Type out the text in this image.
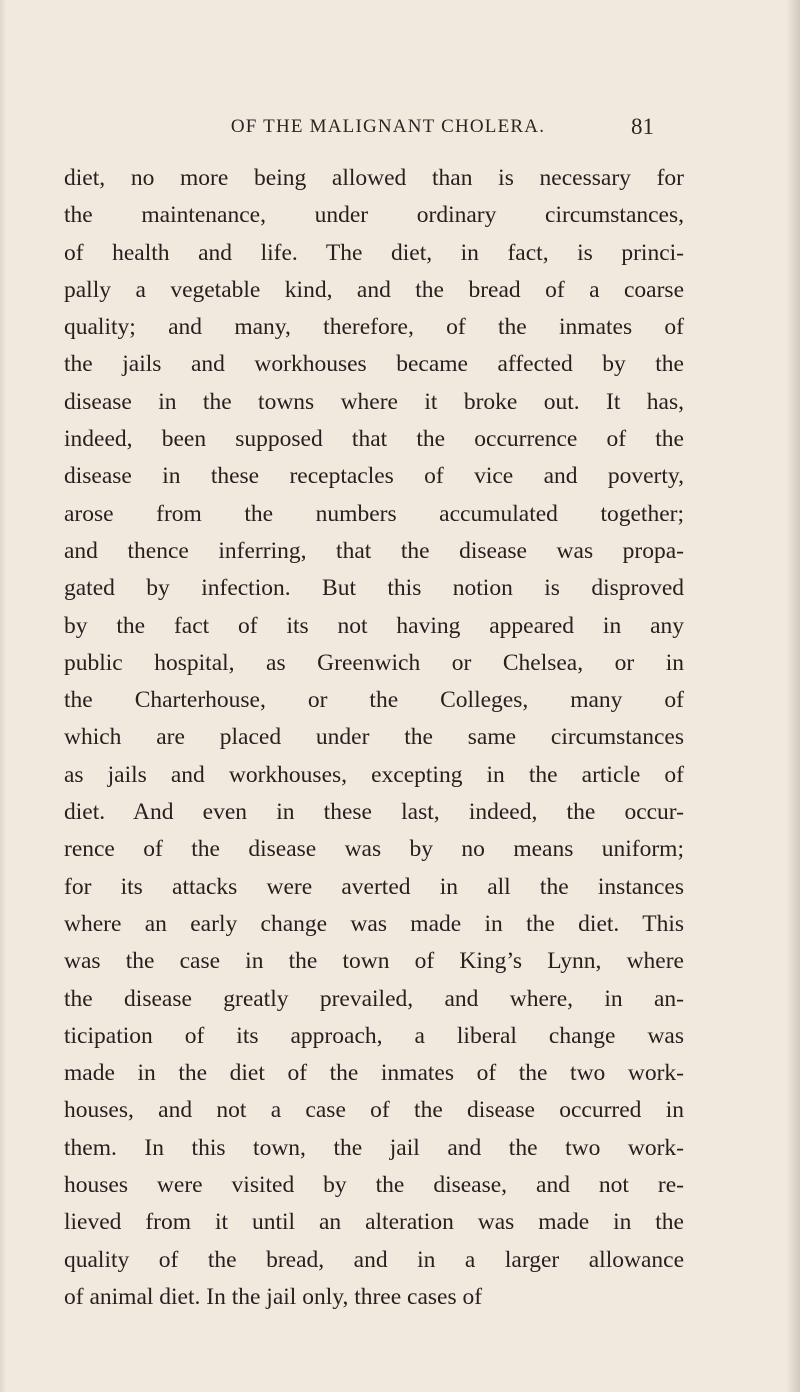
OF THE MALIGNANT CHOLERA.	81

diet, no more being allowed than is necessary for
the maintenance, under ordinary circumstances,
of health and life. The diet, in fact, is princi-
pally a vegetable kind, and the bread of a coarse
quality; and many, therefore, of the inmates of
the jails and workhouses became affected by the
disease in the towns where it broke out. It has,
indeed, been supposed that the occurrence of the
disease in these receptacles of vice and poverty,
arose from the numbers accumulated together;
and thence inferring, that the disease was propa-
gated by infection. But this notion is disproved
by the fact of its not having appeared in any
public hospital, as Greenwich or Chelsea, or in
the Charterhouse, or the Colleges, many of
which are placed under the same circumstances
as jails and workhouses, excepting in the article of
diet. And even in these last, indeed, the occur-
rence of the disease was by no means uniform;
for its attacks were averted in all the instances
where an early change was made in the diet. This
was the case in the town of King’s Lynn, where
the disease greatly prevailed, and where, in an-
ticipation of its approach, a liberal change was
made in the diet of the inmates of the two work-
houses, and not a case of the disease occurred in
them. In this town, the jail and the two work-
houses were visited by the disease, and not re-
lieved from it until an alteration was made in the
quality of the bread, and in a larger allowance
of animal diet. In the jail only, three cases of
